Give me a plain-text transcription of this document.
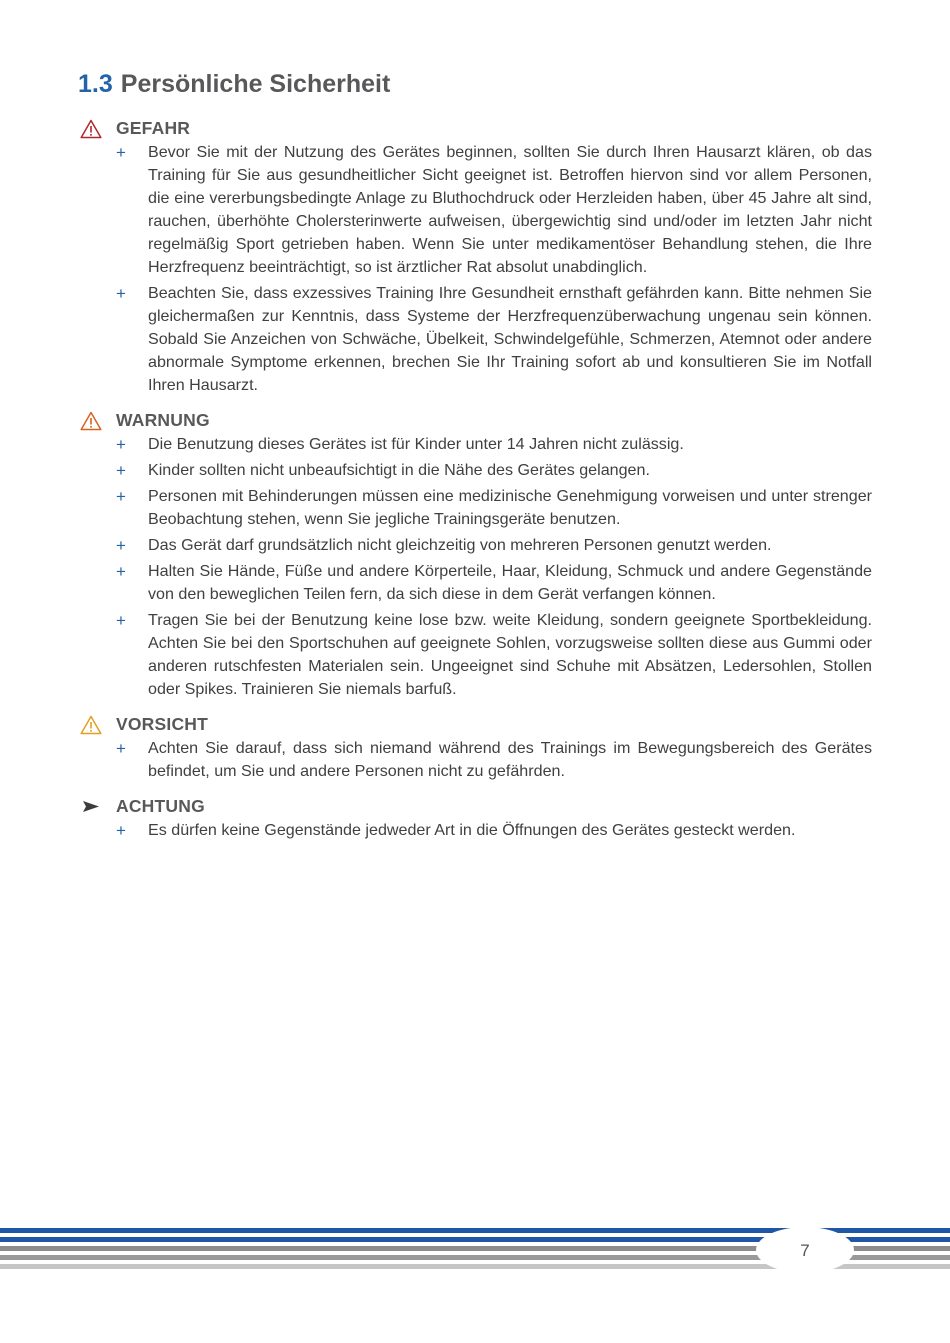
1.3 Persönliche Sicherheit
GEFAHR
+ Bevor Sie mit der Nutzung des Gerätes beginnen, sollten Sie durch Ihren Hausarzt klären, ob das Training für Sie aus gesundheitlicher Sicht geeignet ist. Betroffen hiervon sind vor allem Personen, die eine vererbungsbedingte Anlage zu Bluthochdruck oder Herzleiden haben, über 45 Jahre alt sind, rauchen, überhöhte Cholersterinwerte aufweisen, übergewichtig sind und/oder im letzten Jahr nicht regelmäßig Sport getrieben haben. Wenn Sie unter medikamentöser Behandlung stehen, die Ihre Herzfrequenz beeinträchtigt, so ist ärztlicher Rat absolut unabdinglich.
+ Beachten Sie, dass exzessives Training Ihre Gesundheit ernsthaft gefährden kann. Bitte nehmen Sie gleichermaßen zur Kenntnis, dass Systeme der Herzfrequenzüberwachung ungenau sein können. Sobald Sie Anzeichen von Schwäche, Übelkeit, Schwindelgefühle, Schmerzen, Atemnot oder andere abnormale Symptome erkennen, brechen Sie Ihr Training sofort ab und konsultieren Sie im Notfall Ihren Hausarzt.
WARNUNG
+ Die Benutzung dieses Gerätes ist für Kinder unter 14 Jahren nicht zulässig.
+ Kinder sollten nicht unbeaufsichtigt in die Nähe des Gerätes gelangen.
+ Personen mit Behinderungen müssen eine medizinische Genehmigung vorweisen und unter strenger Beobachtung stehen, wenn Sie jegliche Trainingsgeräte benutzen.
+ Das Gerät darf grundsätzlich nicht gleichzeitig von mehreren Personen genutzt werden.
+ Halten Sie Hände, Füße und andere Körperteile, Haar, Kleidung, Schmuck und andere Gegenstände von den beweglichen Teilen fern, da sich diese in dem Gerät verfangen können.
+ Tragen Sie bei der Benutzung keine lose bzw. weite Kleidung, sondern geeignete Sportbekleidung. Achten Sie bei den Sportschuhen auf geeignete Sohlen, vorzugsweise sollten diese aus Gummi oder anderen rutschfesten Materialen sein. Ungeeignet sind Schuhe mit Absätzen, Ledersohlen, Stollen oder Spikes. Trainieren Sie niemals barfuß.
VORSICHT
+ Achten Sie darauf, dass sich niemand während des Trainings im Bewegungsbereich des Gerätes befindet, um Sie und andere Personen nicht zu gefährden.
ACHTUNG
+ Es dürfen keine Gegenstände jedweder Art in die Öffnungen des Gerätes gesteckt werden.
7
